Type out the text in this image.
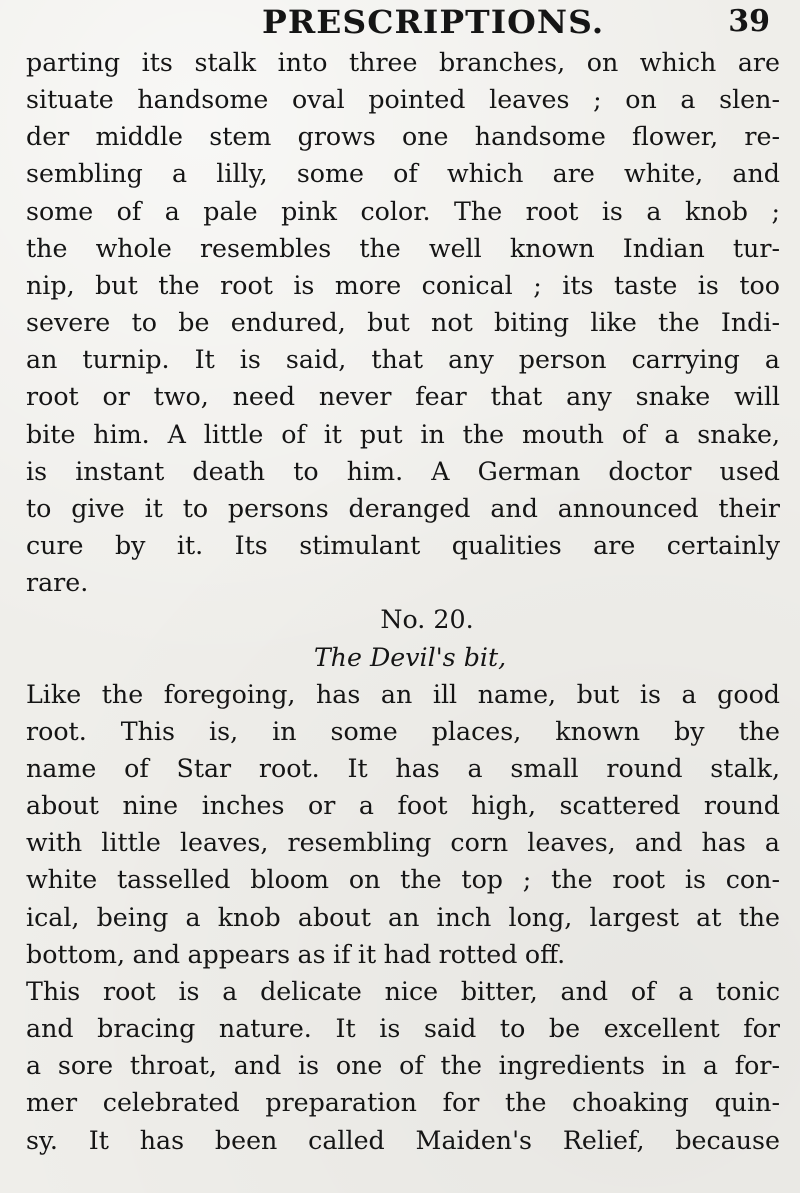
PRESCRIPTIONS.	39

parting its stalk into three branches, on which are
situate handsome oval pointed leaves ; on a slen-
der middle stem grows one handsome flower, re-
sembling a lilly, some of which are white, and
some of a pale pink color. The root is a knob ;
the whole resembles the well known Indian tur-
nip, but the root is more conical ; its taste is too
severe to be endured, but not biting like the Indi-
an turnip. It is said, that any person carrying a
root or two, need never fear that any snake will
bite him. A little of it put in the mouth of a snake,
is instant death to him. A German doctor used
to give it to persons deranged and announced their
cure by it. Its stimulant qualities are certainly
rare.

No. 20.

The Devil's bit,

Like the foregoing, has an ill name, but is a good
root. This is, in some places, known by the
name of Star root. It has a small round stalk,
about nine inches or a foot high, scattered round
with little leaves, resembling corn leaves, and has a
white tasselled bloom on the top ; the root is con-
ical, being a knob about an inch long, largest at the
bottom, and appears as if it had rotted off.
This root is a delicate nice bitter, and of a tonic
and bracing nature. It is said to be excellent for
a sore throat, and is one of the ingredients in a for-
mer celebrated preparation for the choaking quin-
sy. It has been called Maiden's Relief, because
